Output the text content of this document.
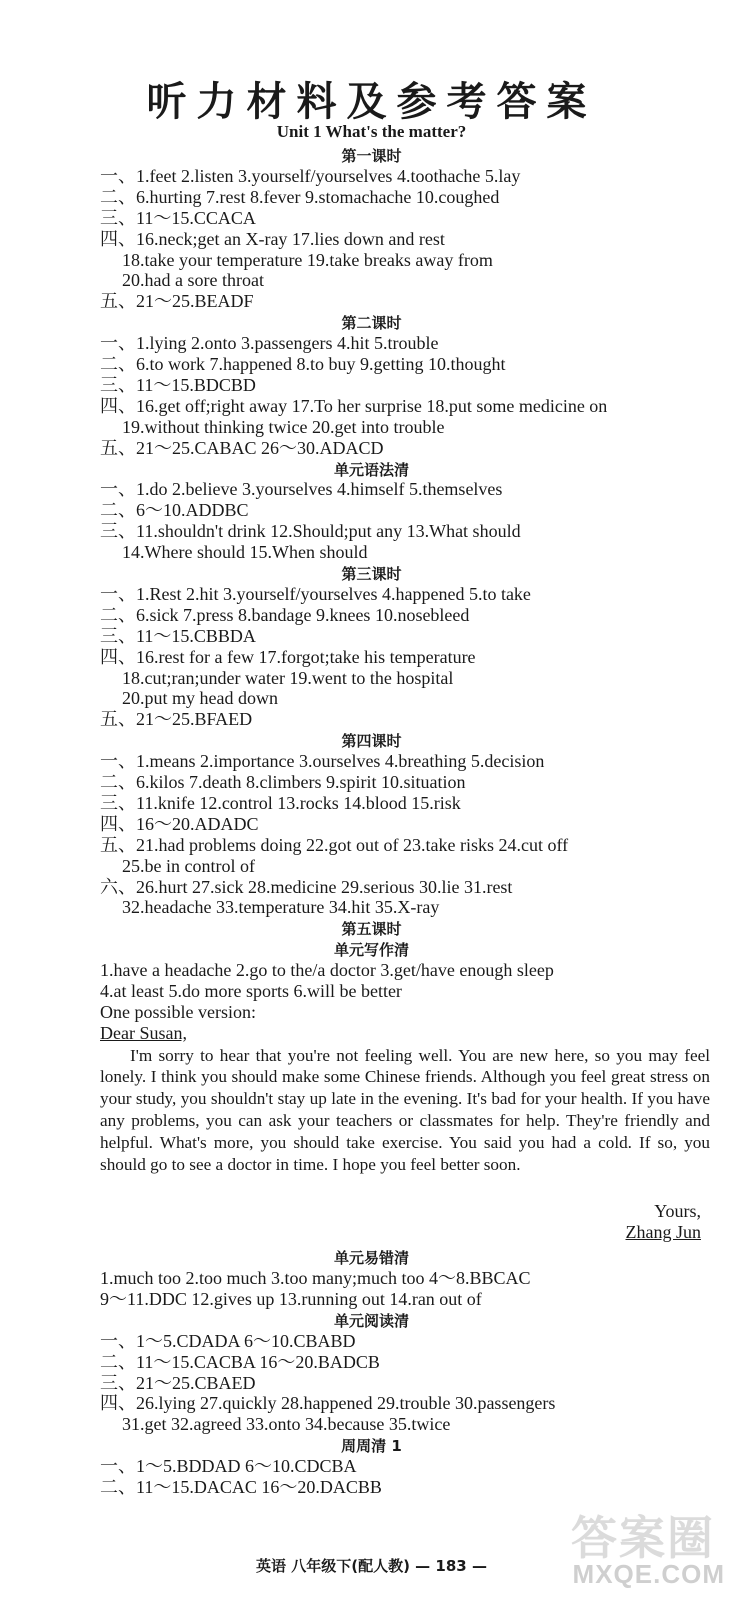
听力材料及参考答案
Unit 1 What's the matter?
第一课时
一、1.feet 2.listen 3.yourself/yourselves 4.toothache 5.lay
二、6.hurting 7.rest 8.fever 9.stomachache 10.coughed
三、11～15.CCACA
四、16.neck;get an X-ray 17.lies down and rest
18.take your temperature 19.take breaks away from
20.had a sore throat
五、21～25.BEADF
第二课时
一、1.lying 2.onto 3.passengers 4.hit 5.trouble
二、6.to work 7.happened 8.to buy 9.getting 10.thought
三、11～15.BDCBD
四、16.get off;right away 17.To her surprise 18.put some medicine on
19.without thinking twice 20.get into trouble
五、21～25.CABAC 26～30.ADACD
单元语法清
一、1.do 2.believe 3.yourselves 4.himself 5.themselves
二、6～10.ADDBC
三、11.shouldn't drink 12.Should;put any 13.What should
14.Where should 15.When should
第三课时
一、1.Rest 2.hit 3.yourself/yourselves 4.happened 5.to take
二、6.sick 7.press 8.bandage 9.knees 10.nosebleed
三、11～15.CBBDA
四、16.rest for a few 17.forgot;take his temperature
18.cut;ran;under water 19.went to the hospital
20.put my head down
五、21～25.BFAED
第四课时
一、1.means 2.importance 3.ourselves 4.breathing 5.decision
二、6.kilos 7.death 8.climbers 9.spirit 10.situation
三、11.knife 12.control 13.rocks 14.blood 15.risk
四、16～20.ADADC
五、21.had problems doing 22.got out of 23.take risks 24.cut off
25.be in control of
六、26.hurt 27.sick 28.medicine 29.serious 30.lie 31.rest
32.headache 33.temperature 34.hit 35.X-ray
第五课时
单元写作清
1.have a headache 2.go to the/a doctor 3.get/have enough sleep
4.at least 5.do more sports 6.will be better
One possible version:
Dear Susan,
I'm sorry to hear that you're not feeling well. You are new here, so you may feel lonely. I think you should make some Chinese friends. Although you feel great stress on your study, you shouldn't stay up late in the evening. It's bad for your health. If you have any problems, you can ask your teachers or classmates for help. They're friendly and helpful. What's more, you should take exercise. You said you had a cold. If so, you should go to see a doctor in time. I hope you feel better soon.
Yours,
Zhang Jun
单元易错清
1.much too 2.too much 3.too many;much too 4～8.BBCAC
9～11.DDC 12.gives up 13.running out 14.ran out of
单元阅读清
一、1～5.CDADA 6～10.CBABD
二、11～15.CACBA 16～20.BADCB
三、21～25.CBAED
四、26.lying 27.quickly 28.happened 29.trouble 30.passengers
31.get 32.agreed 33.onto 34.because 35.twice
周周清 1
一、1～5.BDDAD 6～10.CDCBA
二、11～15.DACAC 16～20.DACBB
英语 八年级下(配人教) — 183 —
答案圈
MXQE.COM
